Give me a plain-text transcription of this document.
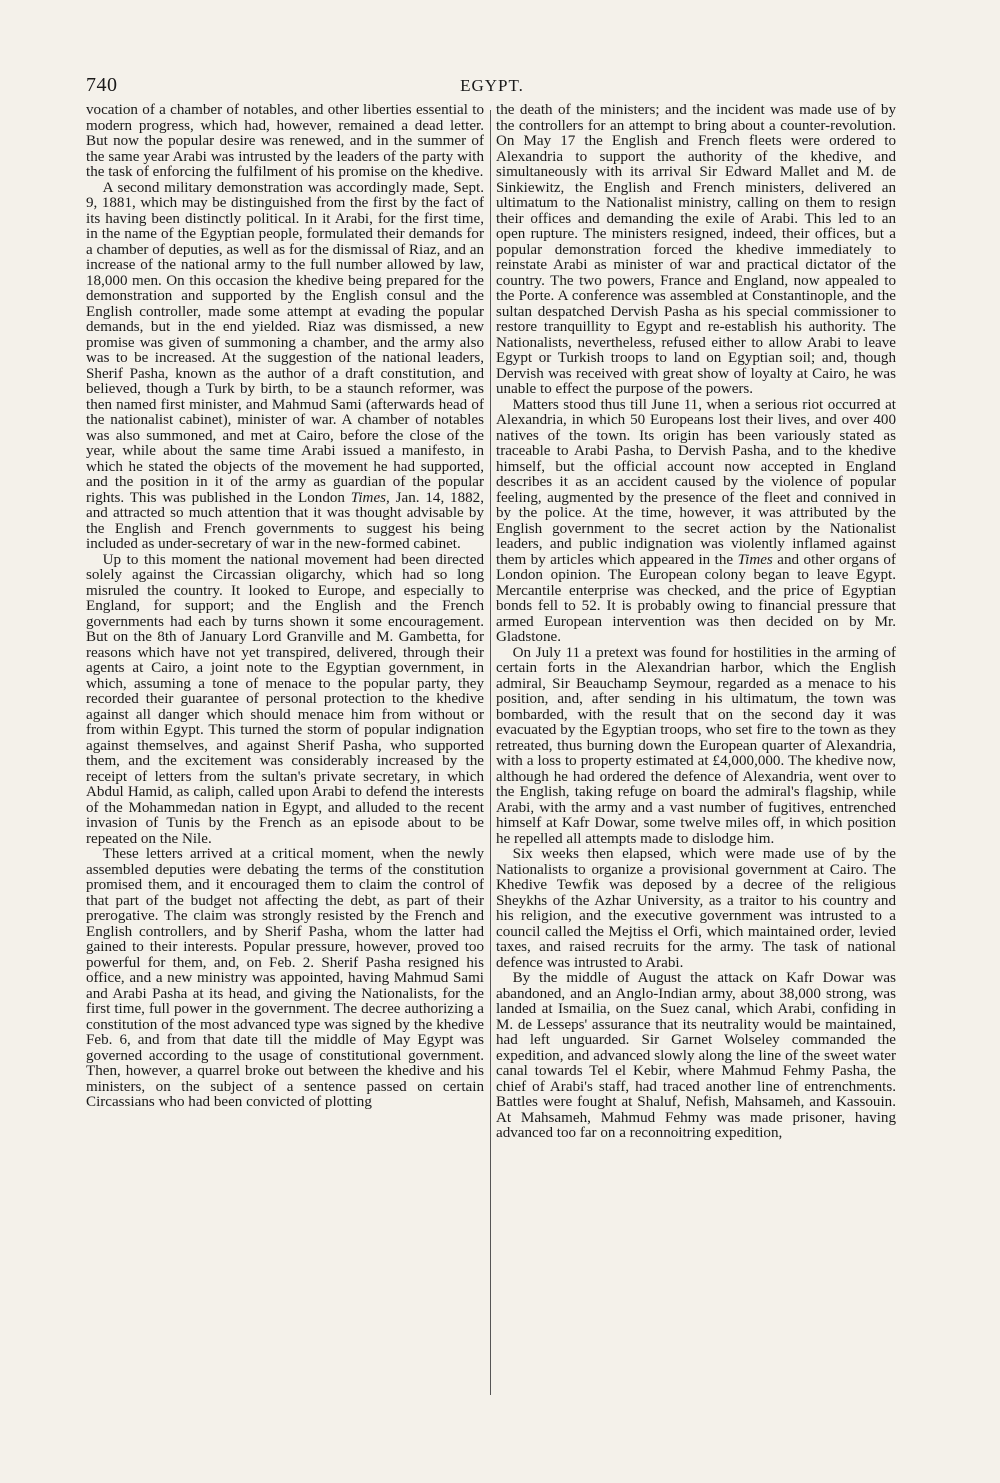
740	EGYPT.

vocation of a chamber of notables, and other liberties essential to modern progress, which had, however, remained a dead letter. But now the popular desire was renewed, and in the summer of the same year Arabi was intrusted by the leaders of the party with the task of enforcing the fulfilment of his promise on the khedive.

A second military demonstration was accordingly made, Sept. 9, 1881, which may be distinguished from the first by the fact of its having been distinctly political. In it Arabi, for the first time, in the name of the Egyptian people, formulated their demands for a chamber of deputies, as well as for the dismissal of Riaz, and an increase of the national army to the full number allowed by law, 18,000 men. On this occasion the khedive being prepared for the demonstration and supported by the English consul and the English controller, made some attempt at evading the popular demands, but in the end yielded. Riaz was dismissed, a new promise was given of summoning a chamber, and the army also was to be increased. At the suggestion of the national leaders, Sherif Pasha, known as the author of a draft constitution, and believed, though a Turk by birth, to be a staunch reformer, was then named first minister, and Mahmud Sami (afterwards head of the nationalist cabinet), minister of war. A chamber of notables was also summoned, and met at Cairo, before the close of the year, while about the same time Arabi issued a manifesto, in which he stated the objects of the movement he had supported, and the position in it of the army as guardian of the popular rights. This was published in the London Times, Jan. 14, 1882, and attracted so much attention that it was thought advisable by the English and French governments to suggest his being included as under-secretary of war in the new-formed cabinet.

Up to this moment the national movement had been directed solely against the Circassian oligarchy, which had so long misruled the country. It looked to Europe, and especially to England, for support; and the English and the French governments had each by turns shown it some encouragement. But on the 8th of January Lord Granville and M. Gambetta, for reasons which have not yet transpired, delivered, through their agents at Cairo, a joint note to the Egyptian government, in which, assuming a tone of menace to the popular party, they recorded their guarantee of personal protection to the khedive against all danger which should menace him from without or from within Egypt. This turned the storm of popular indignation against themselves, and against Sherif Pasha, who supported them, and the excitement was considerably increased by the receipt of letters from the sultan's private secretary, in which Abdul Hamid, as caliph, called upon Arabi to defend the interests of the Mohammedan nation in Egypt, and alluded to the recent invasion of Tunis by the French as an episode about to be repeated on the Nile.

These letters arrived at a critical moment, when the newly assembled deputies were debating the terms of the constitution promised them, and it encouraged them to claim the control of that part of the budget not affecting the debt, as part of their prerogative. The claim was strongly resisted by the French and English controllers, and by Sherif Pasha, whom the latter had gained to their interests. Popular pressure, however, proved too powerful for them, and, on Feb. 2. Sherif Pasha resigned his office, and a new ministry was appointed, having Mahmud Sami and Arabi Pasha at its head, and giving the Nationalists, for the first time, full power in the government. The decree authorizing a constitution of the most advanced type was signed by the khedive Feb. 6, and from that date till the middle of May Egypt was governed according to the usage of constitutional government. Then, however, a quarrel broke out between the khedive and his ministers, on the subject of a sentence passed on certain Circassians who had been convicted of plotting

the death of the ministers; and the incident was made use of by the controllers for an attempt to bring about a counter-revolution. On May 17 the English and French fleets were ordered to Alexandria to support the authority of the khedive, and simultaneously with its arrival Sir Edward Mallet and M. de Sinkiewitz, the English and French ministers, delivered an ultimatum to the Nationalist ministry, calling on them to resign their offices and demanding the exile of Arabi. This led to an open rupture. The ministers resigned, indeed, their offices, but a popular demonstration forced the khedive immediately to reinstate Arabi as minister of war and practical dictator of the country. The two powers, France and England, now appealed to the Porte. A conference was assembled at Constantinople, and the sultan despatched Dervish Pasha as his special commissioner to restore tranquillity to Egypt and re-establish his authority. The Nationalists, nevertheless, refused either to allow Arabi to leave Egypt or Turkish troops to land on Egyptian soil; and, though Dervish was received with great show of loyalty at Cairo, he was unable to effect the purpose of the powers.

Matters stood thus till June 11, when a serious riot occurred at Alexandria, in which 50 Europeans lost their lives, and over 400 natives of the town. Its origin has been variously stated as traceable to Arabi Pasha, to Dervish Pasha, and to the khedive himself, but the official account now accepted in England describes it as an accident caused by the violence of popular feeling, augmented by the presence of the fleet and connived in by the police. At the time, however, it was attributed by the English government to the secret action by the Nationalist leaders, and public indignation was violently inflamed against them by articles which appeared in the Times and other organs of London opinion. The European colony began to leave Egypt. Mercantile enterprise was checked, and the price of Egyptian bonds fell to 52. It is probably owing to financial pressure that armed European intervention was then decided on by Mr. Gladstone.

On July 11 a pretext was found for hostilities in the arming of certain forts in the Alexandrian harbor, which the English admiral, Sir Beauchamp Seymour, regarded as a menace to his position, and, after sending in his ultimatum, the town was bombarded, with the result that on the second day it was evacuated by the Egyptian troops, who set fire to the town as they retreated, thus burning down the European quarter of Alexandria, with a loss to property estimated at £4,000,000. The khedive now, although he had ordered the defence of Alexandria, went over to the English, taking refuge on board the admiral's flagship, while Arabi, with the army and a vast number of fugitives, entrenched himself at Kafr Dowar, some twelve miles off, in which position he repelled all attempts made to dislodge him.

Six weeks then elapsed, which were made use of by the Nationalists to organize a provisional government at Cairo. The Khedive Tewfik was deposed by a decree of the religious Sheykhs of the Azhar University, as a traitor to his country and his religion, and the executive government was intrusted to a council called the Mejtiss el Orfi, which maintained order, levied taxes, and raised recruits for the army. The task of national defence was intrusted to Arabi.

By the middle of August the attack on Kafr Dowar was abandoned, and an Anglo-Indian army, about 38,000 strong, was landed at Ismailia, on the Suez canal, which Arabi, confiding in M. de Lesseps' assurance that its neutrality would be maintained, had left unguarded. Sir Garnet Wolseley commanded the expedition, and advanced slowly along the line of the sweet water canal towards Tel el Kebir, where Mahmud Fehmy Pasha, the chief of Arabi's staff, had traced another line of entrenchments. Battles were fought at Shaluf, Nefish, Mahsameh, and Kassouin. At Mahsameh, Mahmud Fehmy was made prisoner, having advanced too far on a reconnoitring expedition,
